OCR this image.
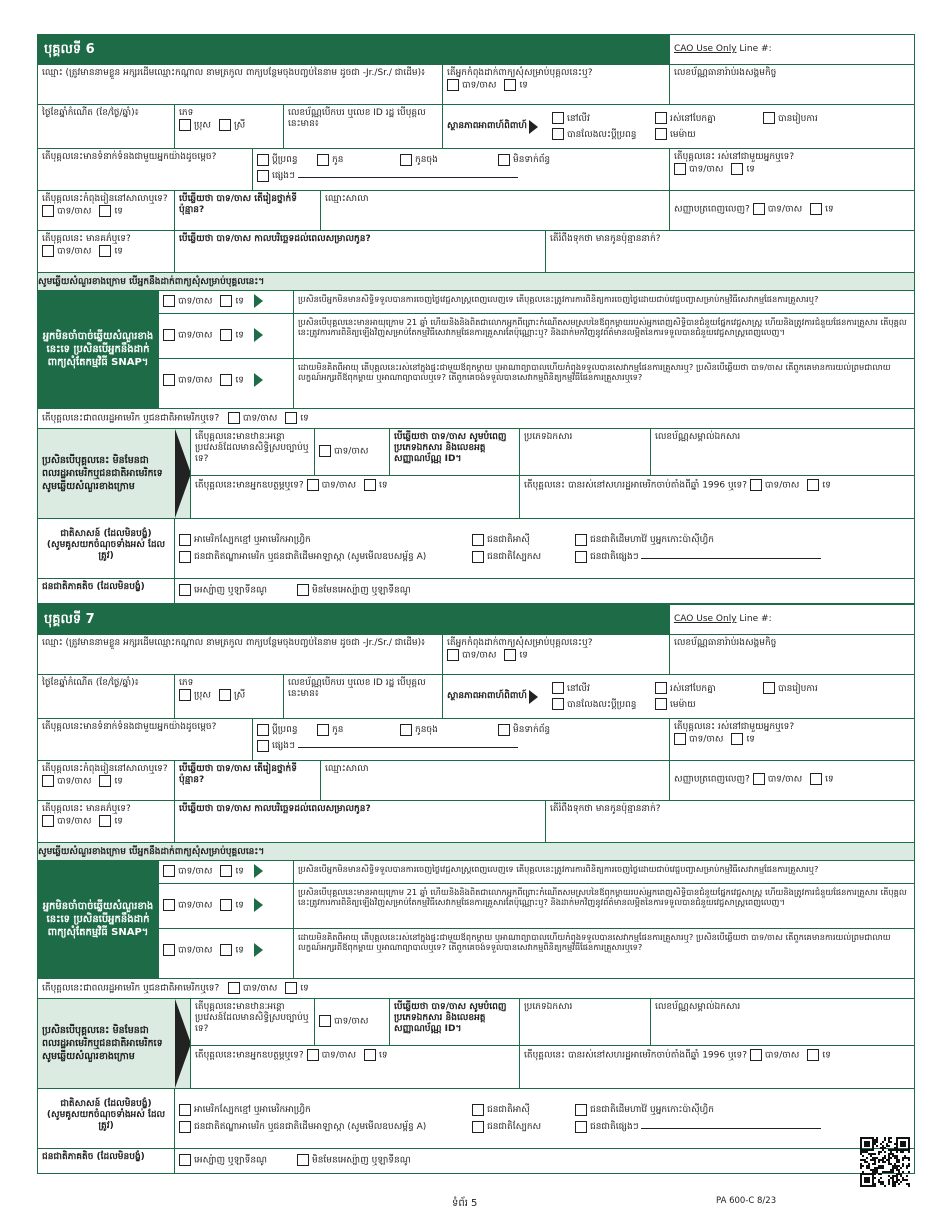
បុគ្គលទី 6	CAO Use Only Line #:
ឈ្មោះ (ត្រូវមាននាមខ្លួន អក្សរដើមឈ្មោះកណ្តាល នាមត្រកូល ពាក្យបន្ថែមចុងបញ្ចប់នៃនាម ដូចជា -Jr./Sr./ ជាដើម)៖	តើអ្នកកំពុងដាក់ពាក្យសុំសម្រាប់បុគ្គលនេះឬ?
បាទ/ចាស	ទេ
លេខប័ណ្ណធានារ៉ាប់រងសង្គមកិច្ច
ថ្ងៃខែឆ្នាំកំណើត (ខែ/ថ្ងៃ/ឆ្នាំ)៖	ភេទ
ប្រុស	ស្រី
លេខប័ណ្ណបើកបរ ឬលេខ ID រដ្ឋ បើបុគ្គលនេះមាន៖	ស្ថានភាពអាពាហ៍ពិពាហ៍
នៅលីវ	រស់នៅបែកគ្នា	បានរៀបការ
បានលែងលះប្តីប្រពន្ធ	មេម៉ាយ
តើបុគ្គលនេះមានទំនាក់ទំនងជាមួយអ្នកយ៉ាងដូចម្តេច?	ប្តីប្រពន្ធ	កូន	កូនចុង	មិនទាក់ព័ន្ធ
ផ្សេងៗ
តើបុគ្គលនេះ រស់នៅជាមួយអ្នកឬទេ?
បាទ/ចាស	ទេ
តើបុគ្គលនេះកំពុងរៀននៅសាលាឬទេ?
បាទ/ចាស	ទេ
បើឆ្លើយថា បាទ/ចាស តើរៀនថ្នាក់ទីប៉ុន្មាន?
ឈ្មោះសាលា
សញ្ញាបត្រពេញលេញ? បាទ/ចាស	ទេ
តើបុគ្គលនេះ មានគភ៌ឬទេ?
បាទ/ចាស	ទេ
បើឆ្លើយថា បាទ/ចាស កាលបរិច្ឆេទដល់ពេលសម្រាលកូន?	តើរំពឹងទុកថា មានកូនប៉ុន្មាននាក់?
សូមឆ្លើយសំណួរខាងក្រោម បើអ្នកនឹងដាក់ពាក្យសុំសម្រាប់បុគ្គលនេះ។
អ្នកមិនចាំបាច់ឆ្លើយសំណួរខាងនេះទេ ប្រសិនបើអ្នកនឹងដាក់ពាក្យសុំតែកម្មវិធី SNAP។
បាទ/ចាស	ទេ	ប្រសិនបើអ្នកមិនមានសិទ្ធិទទួលបានការចេញថ្លៃវេជ្ជសាស្ត្រពេញលេញទេ តើបុគ្គលនេះត្រូវការការពិនិត្យការចេញថ្លៃដោយជាប់វេជ្ជបញ្ជាសម្រាប់កម្មវិធីសេវាកម្មផែនការគ្រួសារឬ?
បាទ/ចាស	ទេ
ប្រសិនបើបុគ្គលនេះមានអាយុក្រោម 21 ឆ្នាំ ហើយនិងនិងពិតជាលោកអ្នកពីព្រោះកំណើតសមស្របនៃឪពុកម្តាយរបស់អ្នកពេញសិទ្ធិបានជំនួយផ្នែកវេជ្ជសាស្ត្រ ហើយនិងត្រូវការជំនួយផែនការគ្រួសារ តើបុគ្គលនេះត្រូវការការពិនិត្យឡើងវិញសម្រាប់តែកម្មវិធីសេវាកម្មផែនការគ្រួសារតែប៉ុណ្ណោះឬ? និងដាក់មកវិញនូវព័ត៌មានលម្អិតនៃការទទួលបានជំនួយវេជ្ជសាស្ត្រពេញលេញ។
បាទ/ចាស	ទេ
ដោយមិនគិតពីអាយុ តើបុគ្គលនេះរស់នៅក្នុងផ្ទះជាមួយឪពុកម្តាយ ឬអាណាព្យាបាលហើយកំពុងទទួលបានសេវាកម្មផែនការគ្រួសារឬ? ប្រសិនបើឆ្លើយថា បាទ/ចាស តើពួកគេមានការយល់ព្រមជាលាយលក្ខណ៍អក្សរពីឪពុកម្តាយ ឬអាណាព្យាបាលឬទេ? តើពួកគេចង់ទទួលបានសេវាកម្មពិនិត្យកម្មវិធីផែនការគ្រួសារឬទេ?
តើបុគ្គលនេះជាពលរដ្ឋអាមេរិក ឬជនជាតិអាមេរិកឬទេ?	បាទ/ចាស	ទេ
ប្រសិនបើបុគ្គលនេះ មិនមែនជាពលរដ្ឋអាមេរិកឬជនជាតិអាមេរិកទេ សូមឆ្លើយសំណួរខាងក្រោម
តើបុគ្គលនេះមានឋានៈអន្តោប្រវេសន៍ដែលមានសិទ្ធិស្របច្បាប់ឬទេ?
បាទ/ចាស
បើឆ្លើយថា បាទ/ចាស សូមបំពេញប្រភេទឯកសារ និងលេខអត្តសញ្ញាណប័ណ្ណ ID។
ប្រភេទឯកសារ	លេខប័ណ្ណសម្គាល់ឯកសារ
តើបុគ្គលនេះមានអ្នកឧបត្ថម្ភឬទេ? បាទ/ចាស	ទេ	តើបុគ្គលនេះ បានរស់នៅសហរដ្ឋអាមេរិកចាប់តាំងពីឆ្នាំ 1996 ឬទេ? បាទ/ចាស	ទេ
ជាតិសាសន៍ (ដែលមិនបង្ខំ) (សូមគូសយកចំណុចទាំងអស់ ដែលត្រូវ)
អាមេរិកស្បែកខ្មៅ ឬអាមេរិកអាហ្វ្រិក	ជនជាតិអាស៊ី	ជនជាតិដើមហាវ៉ៃ ឬអ្នកកោះប៉ាស៊ីហ្វិក
ជនជាតិឥណ្ឌាអាមេរិក ឬជនជាតិដើមអាឡាស្កា (សូមមើលឧបសម្ព័ន្ធ A)	ជនជាតិស្បែកស	ជនជាតិផ្សេងៗ
ជនជាតិភាគតិច (ដែលមិនបង្ខំ)	អេស្ប៉ាញ ឬឡាទីនណូ	មិនមែនអេស្ប៉ាញ ឬឡាទីនណូ
បុគ្គលទី 7	CAO Use Only Line #:
ឈ្មោះ (ត្រូវមាននាមខ្លួន អក្សរដើមឈ្មោះកណ្តាល នាមត្រកូល ពាក្យបន្ថែមចុងបញ្ចប់នៃនាម ដូចជា -Jr./Sr./ ជាដើម)៖	តើអ្នកកំពុងដាក់ពាក្យសុំសម្រាប់បុគ្គលនេះឬ?
បាទ/ចាស	ទេ
លេខប័ណ្ណធានារ៉ាប់រងសង្គមកិច្ច
ថ្ងៃខែឆ្នាំកំណើត (ខែ/ថ្ងៃ/ឆ្នាំ)៖	ភេទ
ប្រុស	ស្រី
លេខប័ណ្ណបើកបរ ឬលេខ ID រដ្ឋ បើបុគ្គលនេះមាន៖	ស្ថានភាពអាពាហ៍ពិពាហ៍
នៅលីវ	រស់នៅបែកគ្នា	បានរៀបការ
បានលែងលះប្តីប្រពន្ធ	មេម៉ាយ
តើបុគ្គលនេះមានទំនាក់ទំនងជាមួយអ្នកយ៉ាងដូចម្តេច?	ប្តីប្រពន្ធ	កូន	កូនចុង	មិនទាក់ព័ន្ធ
ផ្សេងៗ
តើបុគ្គលនេះ រស់នៅជាមួយអ្នកឬទេ?
បាទ/ចាស	ទេ
តើបុគ្គលនេះកំពុងរៀននៅសាលាឬទេ?
បាទ/ចាស	ទេ
បើឆ្លើយថា បាទ/ចាស តើរៀនថ្នាក់ទីប៉ុន្មាន?
ឈ្មោះសាលា
សញ្ញាបត្រពេញលេញ? បាទ/ចាស	ទេ
តើបុគ្គលនេះ មានគភ៌ឬទេ?
បាទ/ចាស	ទេ
បើឆ្លើយថា បាទ/ចាស កាលបរិច្ឆេទដល់ពេលសម្រាលកូន?	តើរំពឹងទុកថា មានកូនប៉ុន្មាននាក់?
សូមឆ្លើយសំណួរខាងក្រោម បើអ្នកនឹងដាក់ពាក្យសុំសម្រាប់បុគ្គលនេះ។
អ្នកមិនចាំបាច់ឆ្លើយសំណួរខាងនេះទេ ប្រសិនបើអ្នកនឹងដាក់ពាក្យសុំតែកម្មវិធី SNAP។
បាទ/ចាស	ទេ	ប្រសិនបើអ្នកមិនមានសិទ្ធិទទួលបានការចេញថ្លៃវេជ្ជសាស្ត្រពេញលេញទេ តើបុគ្គលនេះត្រូវការការពិនិត្យការចេញថ្លៃដោយជាប់វេជ្ជបញ្ជាសម្រាប់កម្មវិធីសេវាកម្មផែនការគ្រួសារឬ?
បាទ/ចាស	ទេ
ប្រសិនបើបុគ្គលនេះមានអាយុក្រោម 21 ឆ្នាំ ហើយនិងនិងពិតជាលោកអ្នកពីព្រោះកំណើតសមស្របនៃឪពុកម្តាយរបស់អ្នកពេញសិទ្ធិបានជំនួយផ្នែកវេជ្ជសាស្ត្រ ហើយនិងត្រូវការជំនួយផែនការគ្រួសារ តើបុគ្គលនេះត្រូវការការពិនិត្យឡើងវិញសម្រាប់តែកម្មវិធីសេវាកម្មផែនការគ្រួសារតែប៉ុណ្ណោះឬ? និងដាក់មកវិញនូវព័ត៌មានលម្អិតនៃការទទួលបានជំនួយវេជ្ជសាស្ត្រពេញលេញ។
បាទ/ចាស	ទេ
ដោយមិនគិតពីអាយុ តើបុគ្គលនេះរស់នៅក្នុងផ្ទះជាមួយឪពុកម្តាយ ឬអាណាព្យាបាលហើយកំពុងទទួលបានសេវាកម្មផែនការគ្រួសារឬ? ប្រសិនបើឆ្លើយថា បាទ/ចាស តើពួកគេមានការយល់ព្រមជាលាយលក្ខណ៍អក្សរពីឪពុកម្តាយ ឬអាណាព្យាបាលឬទេ? តើពួកគេចង់ទទួលបានសេវាកម្មពិនិត្យកម្មវិធីផែនការគ្រួសារឬទេ?
តើបុគ្គលនេះជាពលរដ្ឋអាមេរិក ឬជនជាតិអាមេរិកឬទេ?	បាទ/ចាស	ទេ
ប្រសិនបើបុគ្គលនេះ មិនមែនជាពលរដ្ឋអាមេរិកឬជនជាតិអាមេរិកទេ សូមឆ្លើយសំណួរខាងក្រោម
តើបុគ្គលនេះមានឋានៈអន្តោប្រវេសន៍ដែលមានសិទ្ធិស្របច្បាប់ឬទេ?
បាទ/ចាស
បើឆ្លើយថា បាទ/ចាស សូមបំពេញប្រភេទឯកសារ និងលេខអត្តសញ្ញាណប័ណ្ណ ID។
ប្រភេទឯកសារ	លេខប័ណ្ណសម្គាល់ឯកសារ
តើបុគ្គលនេះមានអ្នកឧបត្ថម្ភឬទេ? បាទ/ចាស	ទេ	តើបុគ្គលនេះ បានរស់នៅសហរដ្ឋអាមេរិកចាប់តាំងពីឆ្នាំ 1996 ឬទេ? បាទ/ចាស	ទេ
ជាតិសាសន៍ (ដែលមិនបង្ខំ) (សូមគូសយកចំណុចទាំងអស់ ដែលត្រូវ)
អាមេរិកស្បែកខ្មៅ ឬអាមេរិកអាហ្វ្រិក	ជនជាតិអាស៊ី	ជនជាតិដើមហាវ៉ៃ ឬអ្នកកោះប៉ាស៊ីហ្វិក
ជនជាតិឥណ្ឌាអាមេរិក ឬជនជាតិដើមអាឡាស្កា (សូមមើលឧបសម្ព័ន្ធ A)	ជនជាតិស្បែកស	ជនជាតិផ្សេងៗ
ជនជាតិភាគតិច (ដែលមិនបង្ខំ)	អេស្ប៉ាញ ឬឡាទីនណូ	មិនមែនអេស្ប៉ាញ ឬឡាទីនណូ
ទំព័រ 5	PA 600-C 8/23
